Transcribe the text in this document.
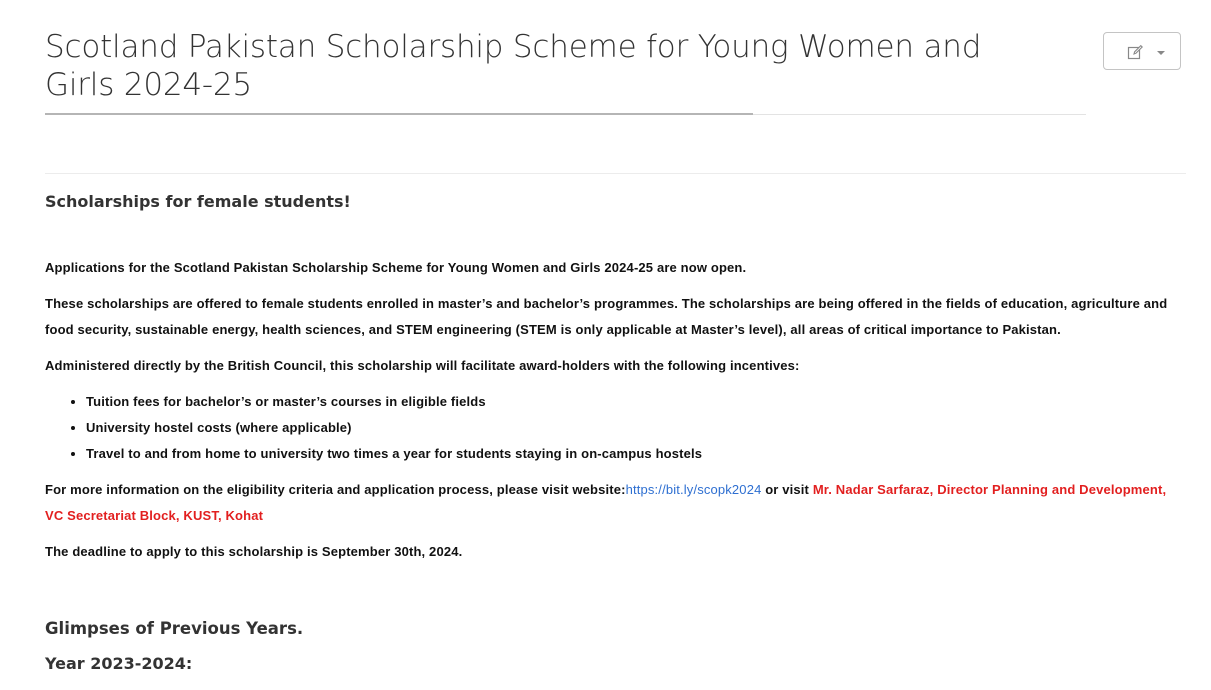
Scotland Pakistan Scholarship Scheme for Young Women and Girls 2024-25
Scholarships for female students!

Applications for the Scotland Pakistan Scholarship Scheme for Young Women and Girls 2024-25 are now open.

These scholarships are offered to female students enrolled in master’s and bachelor’s programmes. The scholarships are being offered in the fields of education, agriculture and food security, sustainable energy, health sciences, and STEM engineering (STEM is only applicable at Master’s level), all areas of critical importance to Pakistan.

Administered directly by the British Council, this scholarship will facilitate award-holders with the following incentives:

• Tuition fees for bachelor’s or master’s courses in eligible fields
• University hostel costs (where applicable)
• Travel to and from home to university two times a year for students staying in on-campus hostels

For more information on the eligibility criteria and application process, please visit website:https://bit.ly/scopk2024 or visit Mr. Nadar Sarfaraz, Director Planning and Development, VC Secretariat Block, KUST, Kohat

The deadline to apply to this scholarship is September 30th, 2024.

Glimpses of Previous Years.
Year 2023-2024:
